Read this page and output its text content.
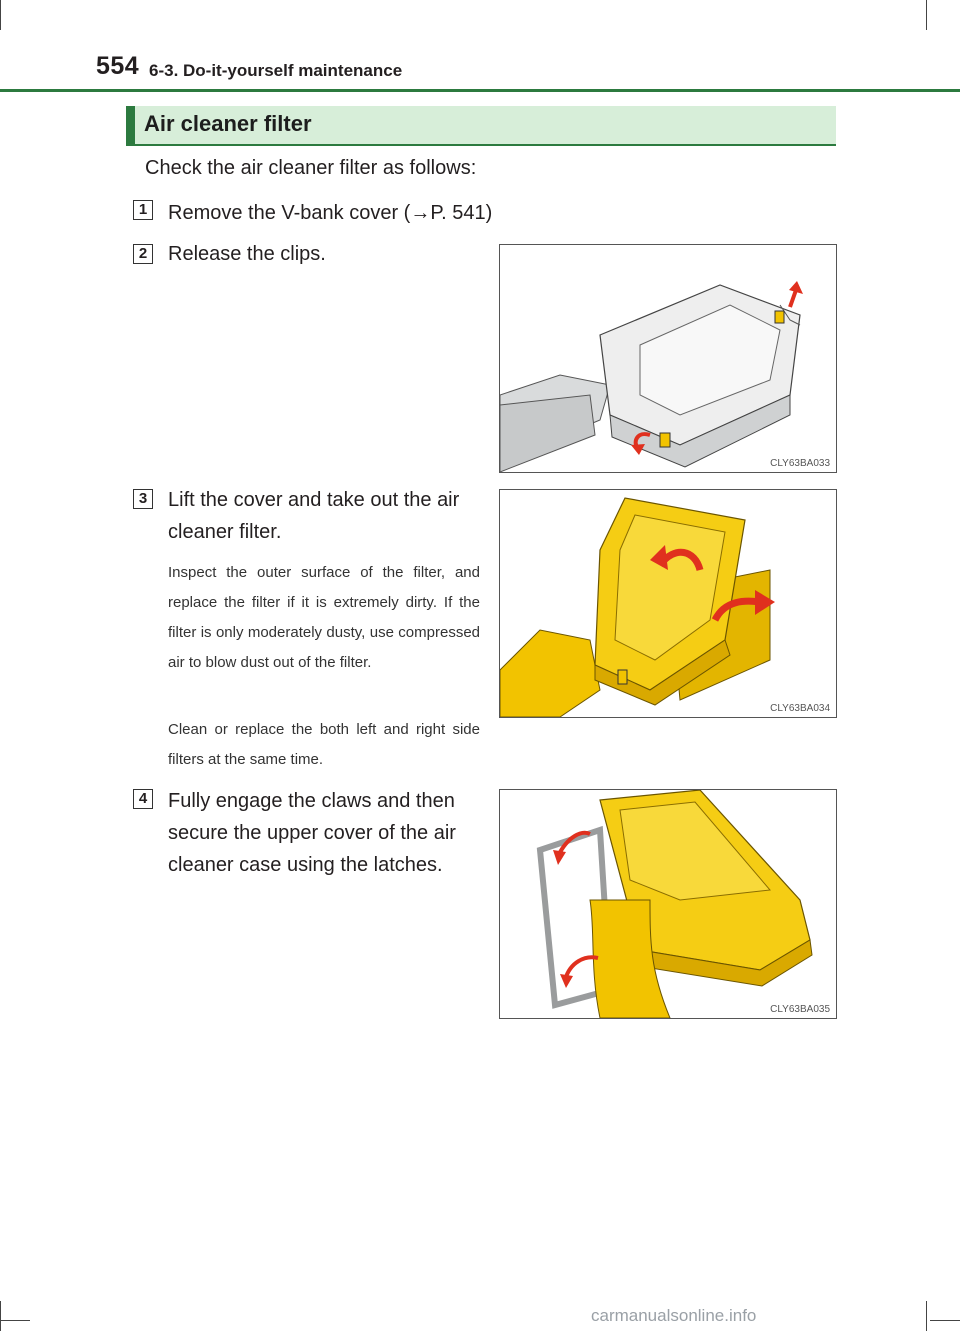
554 6-3. Do-it-yourself maintenance
Air cleaner filter
Check the air cleaner filter as follows:
1 Remove the V-bank cover (→P. 541)
2 Release the clips.
CLY63BA033
3 Lift the cover and take out the air
cleaner filter.
Inspect the outer surface of the filter, and replace the filter if it is extremely dirty. If the filter is only moderately dusty, use compressed air to blow dust out of the filter.
Clean or replace the both left and right side filters at the same time.
CLY63BA034
4 Fully engage the claws and then
secure the upper cover of the air
cleaner case using the latches.
CLY63BA035
carmanualsonline.info
